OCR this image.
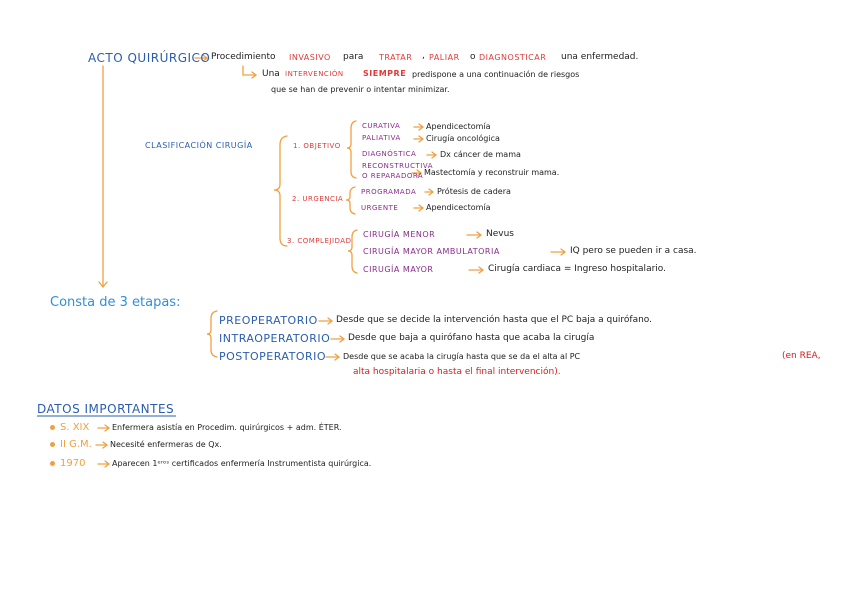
ACTO QUIRÚRGICO Procedimiento INVASIVO para TRATAR , PALIAR o DIAGNOSTICAR una enfermedad.
Una INTERVENCIÓN SIEMPRE predispone a una continuación de riesgos
que se han de prevenir o intentar minimizar.
CLASIFICACIÓN CIRUGÍA	1. OBJETIVO
2. URGENCIA
3. COMPLEJIDAD
CURATIVA	Apendicectomía
PALIATIVA	Cirugía oncológica
DIAGNÓSTICA	Dx cáncer de mama
RECONSTRUCTIVA
O REPARADORA Mastectomía y reconstruir mama.
PROGRAMADA	Prótesis de cadera
URGENTE	Apendicectomía
CIRUGÍA MENOR	Nevus
CIRUGÍA MAYOR AMBULATORIA	IQ pero se pueden ir a casa.
CIRUGÍA MAYOR	Cirugía cardiaca = Ingreso hospitalario.
Consta de 3 etapas:
PREOPERATORIO Desde que se decide la intervención hasta que el PC baja a quirófano.
INTRAOPERATORIO Desde que baja a quirófano hasta que acaba la cirugía
POSTOPERATORIO Desde que se acaba la cirugía hasta que se da el alta al PC	(en REA,
alta hospitalaria o hasta el final intervención).
DATOS IMPORTANTES
S. XIX	Enfermera asistía en Procedim. quirúrgicos + adm. ÉTER.
II G.M. Necesité enfermeras de Qx.
1970	Aparecen 1ᵉʳᵒˢ certificados enfermería Instrumentista quirúrgica.
